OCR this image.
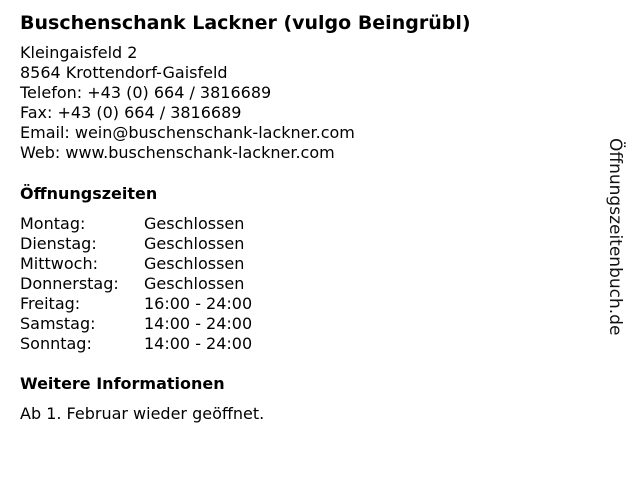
Buschenschank Lackner (vulgo Beingrübl)
Kleingaisfeld 2
8564 Krottendorf-Gaisfeld
Telefon: +43 (0) 664 / 3816689
Fax: +43 (0) 664 / 3816689
Email: wein@buschenschank-lackner.com
Web: www.buschenschank-lackner.com
Öffnungszeiten
Montag:	Geschlossen
Dienstag:	Geschlossen
Mittwoch:	Geschlossen
Donnerstag:	Geschlossen
Freitag:	16:00 - 24:00
Samstag:	14:00 - 24:00
Sonntag:	14:00 - 24:00
Weitere Informationen
Ab 1. Februar wieder geöffnet.
Öffnungszeitenbuch.de
